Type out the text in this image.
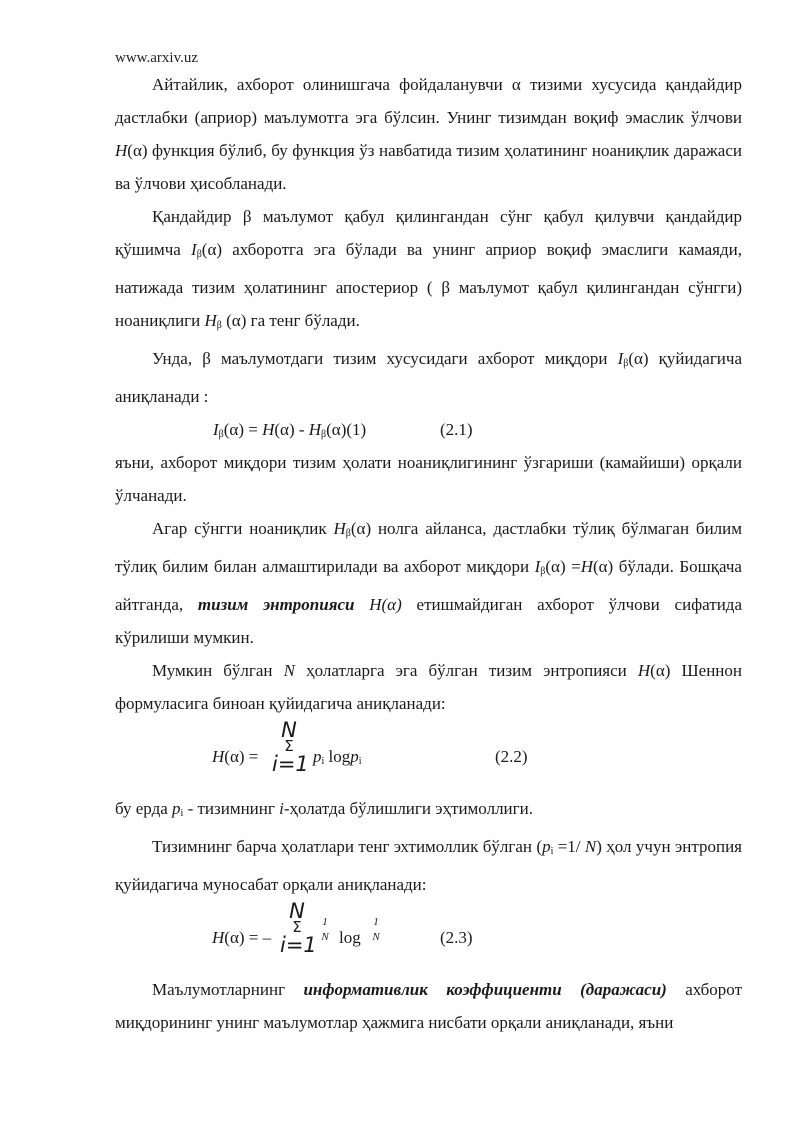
www.arxiv.uz

Айтайлик, ахборот олинишгача фойдаланувчи α тизими хусусида қандайдир дастлабки (априор) маълумотга эга бўлсин. Унинг тизимдан воқиф эмаслик ўлчови H(α) функция бўлиб, бу функция ўз навбатида тизим ҳолатининг ноаниқлик даражаси ва ўлчови ҳисобланади.

Қандайдир β маълумот қабул қилингандан сўнг қабул қилувчи қандайдир қўшимча $I_\beta(\alpha)$ ахборотга эга бўлади ва унинг априор воқиф эмаслиги камаяди, натижада тизим ҳолатининг апостериор ( β маълумот қабул қилингандан сўнгги) ноаниқлиги $H_\beta$ (α) га тенг бўлади.

Унда, β маълумотдаги тизим хусусидаги ахборот миқдори $I_\beta(\alpha)$ қуйидагича аниқланади :

$I_\beta(\alpha) = H(\alpha) - H_\beta(\alpha)(1)$	(2.1)

яъни, ахборот миқдори тизим ҳолати ноаниқлигининг ўзгариши (камайиши) орқали ўлчанади.

Агар сўнгги ноаниқлик $H_\beta(\alpha)$ нолга айланса, дастлабки тўлиқ бўлмаган билим тўлиқ билим билан алмаштирилади ва ахборот миқдори $I_\beta(\alpha) =H(\alpha)$ бўлади. Бошқача айтганда, тизим энтропияси H(α) етишмайдиган ахборот ўлчови сифатида кўрилиши мумкин.

Мумкин бўлган N ҳолатларга эга бўлган тизим энтропияси H(α) Шеннон формуласига биноан қуйидагича аниқланади:

H(α) =
N
Σ
i=1 $p_i$ logp$_i$	(2.2)

бу ерда $p_i$ - тизимнинг i-ҳолатда бўлишлиги эҳтимоллиги.

Тизимнинг барча ҳолатлари тенг эхтимоллик бўлган ($p_i =1/$ N) ҳол учун энтропия қуйидагича муносабат орқали аниқланади:

H(α) = –
N
Σ
i=1
1
N log
1
N	(2.3)

Маълумотларнинг информативлик коэффициенти (даражаси) ахборот миқдорининг унинг маълумотлар ҳажмига нисбати орқали аниқланади, яъни
